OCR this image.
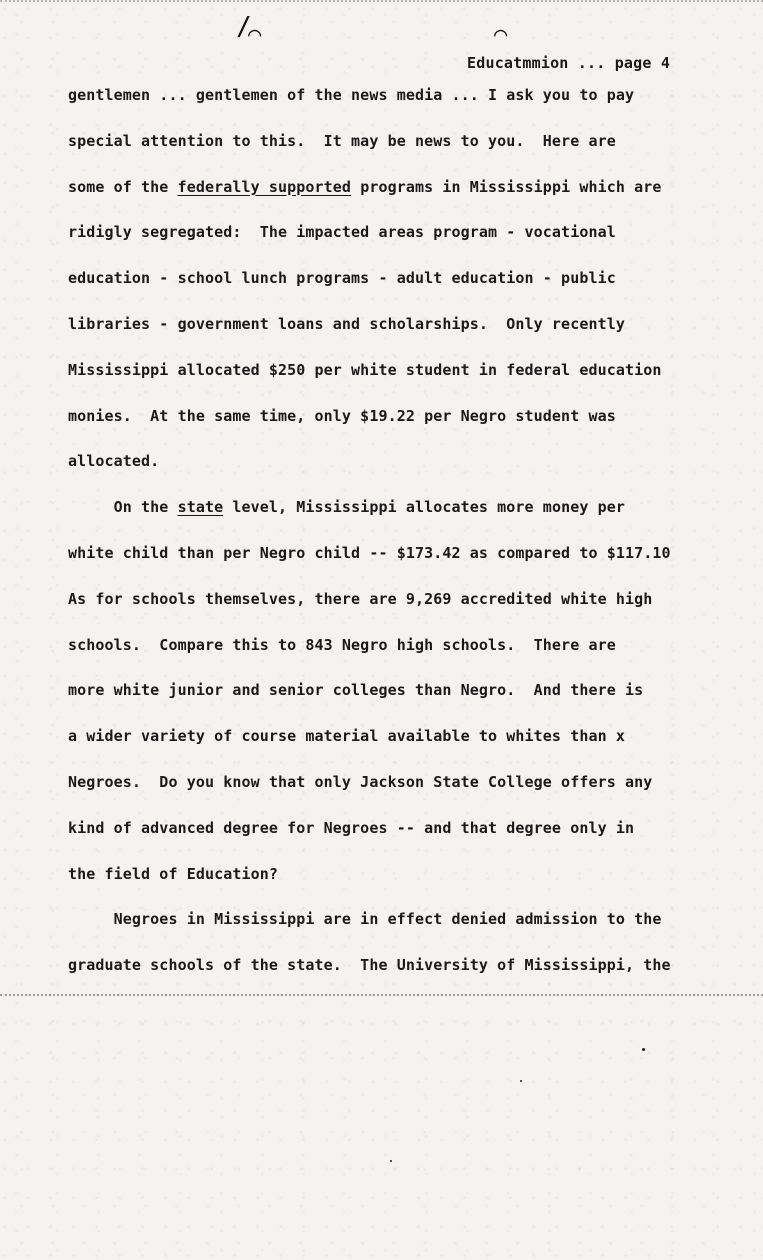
/
⌒	⌒
Educatmmion ... page 4
gentlemen ... gentlemen of the news media ... I ask you to pay
special attention to this.  It may be news to you.  Here are
some of the federally supported programs in Mississippi which are
ridigly segregated:  The impacted areas program - vocational
education - school lunch programs - adult education - public
libraries - government loans and scholarships.  Only recently
Mississippi allocated $250 per white student in federal education
monies.  At the same time, only $19.22 per Negro student was
allocated.
On the state level, Mississippi allocates more money per
white child than per Negro child -- $173.42 as compared to $117.10
As for schools themselves, there are 9,269 accredited white high
schools.  Compare this to 843 Negro high schools.  There are
more white junior and senior colleges than Negro.  And there is
a wider variety of course material available to whites than x
Negroes.  Do you know that only Jackson State College offers any
kind of advanced degree for Negroes -- and that degree only in
the field of Education?
Negroes in Mississippi are in effect denied admission to the
graduate schools of the state.  The University of Mississippi, the
